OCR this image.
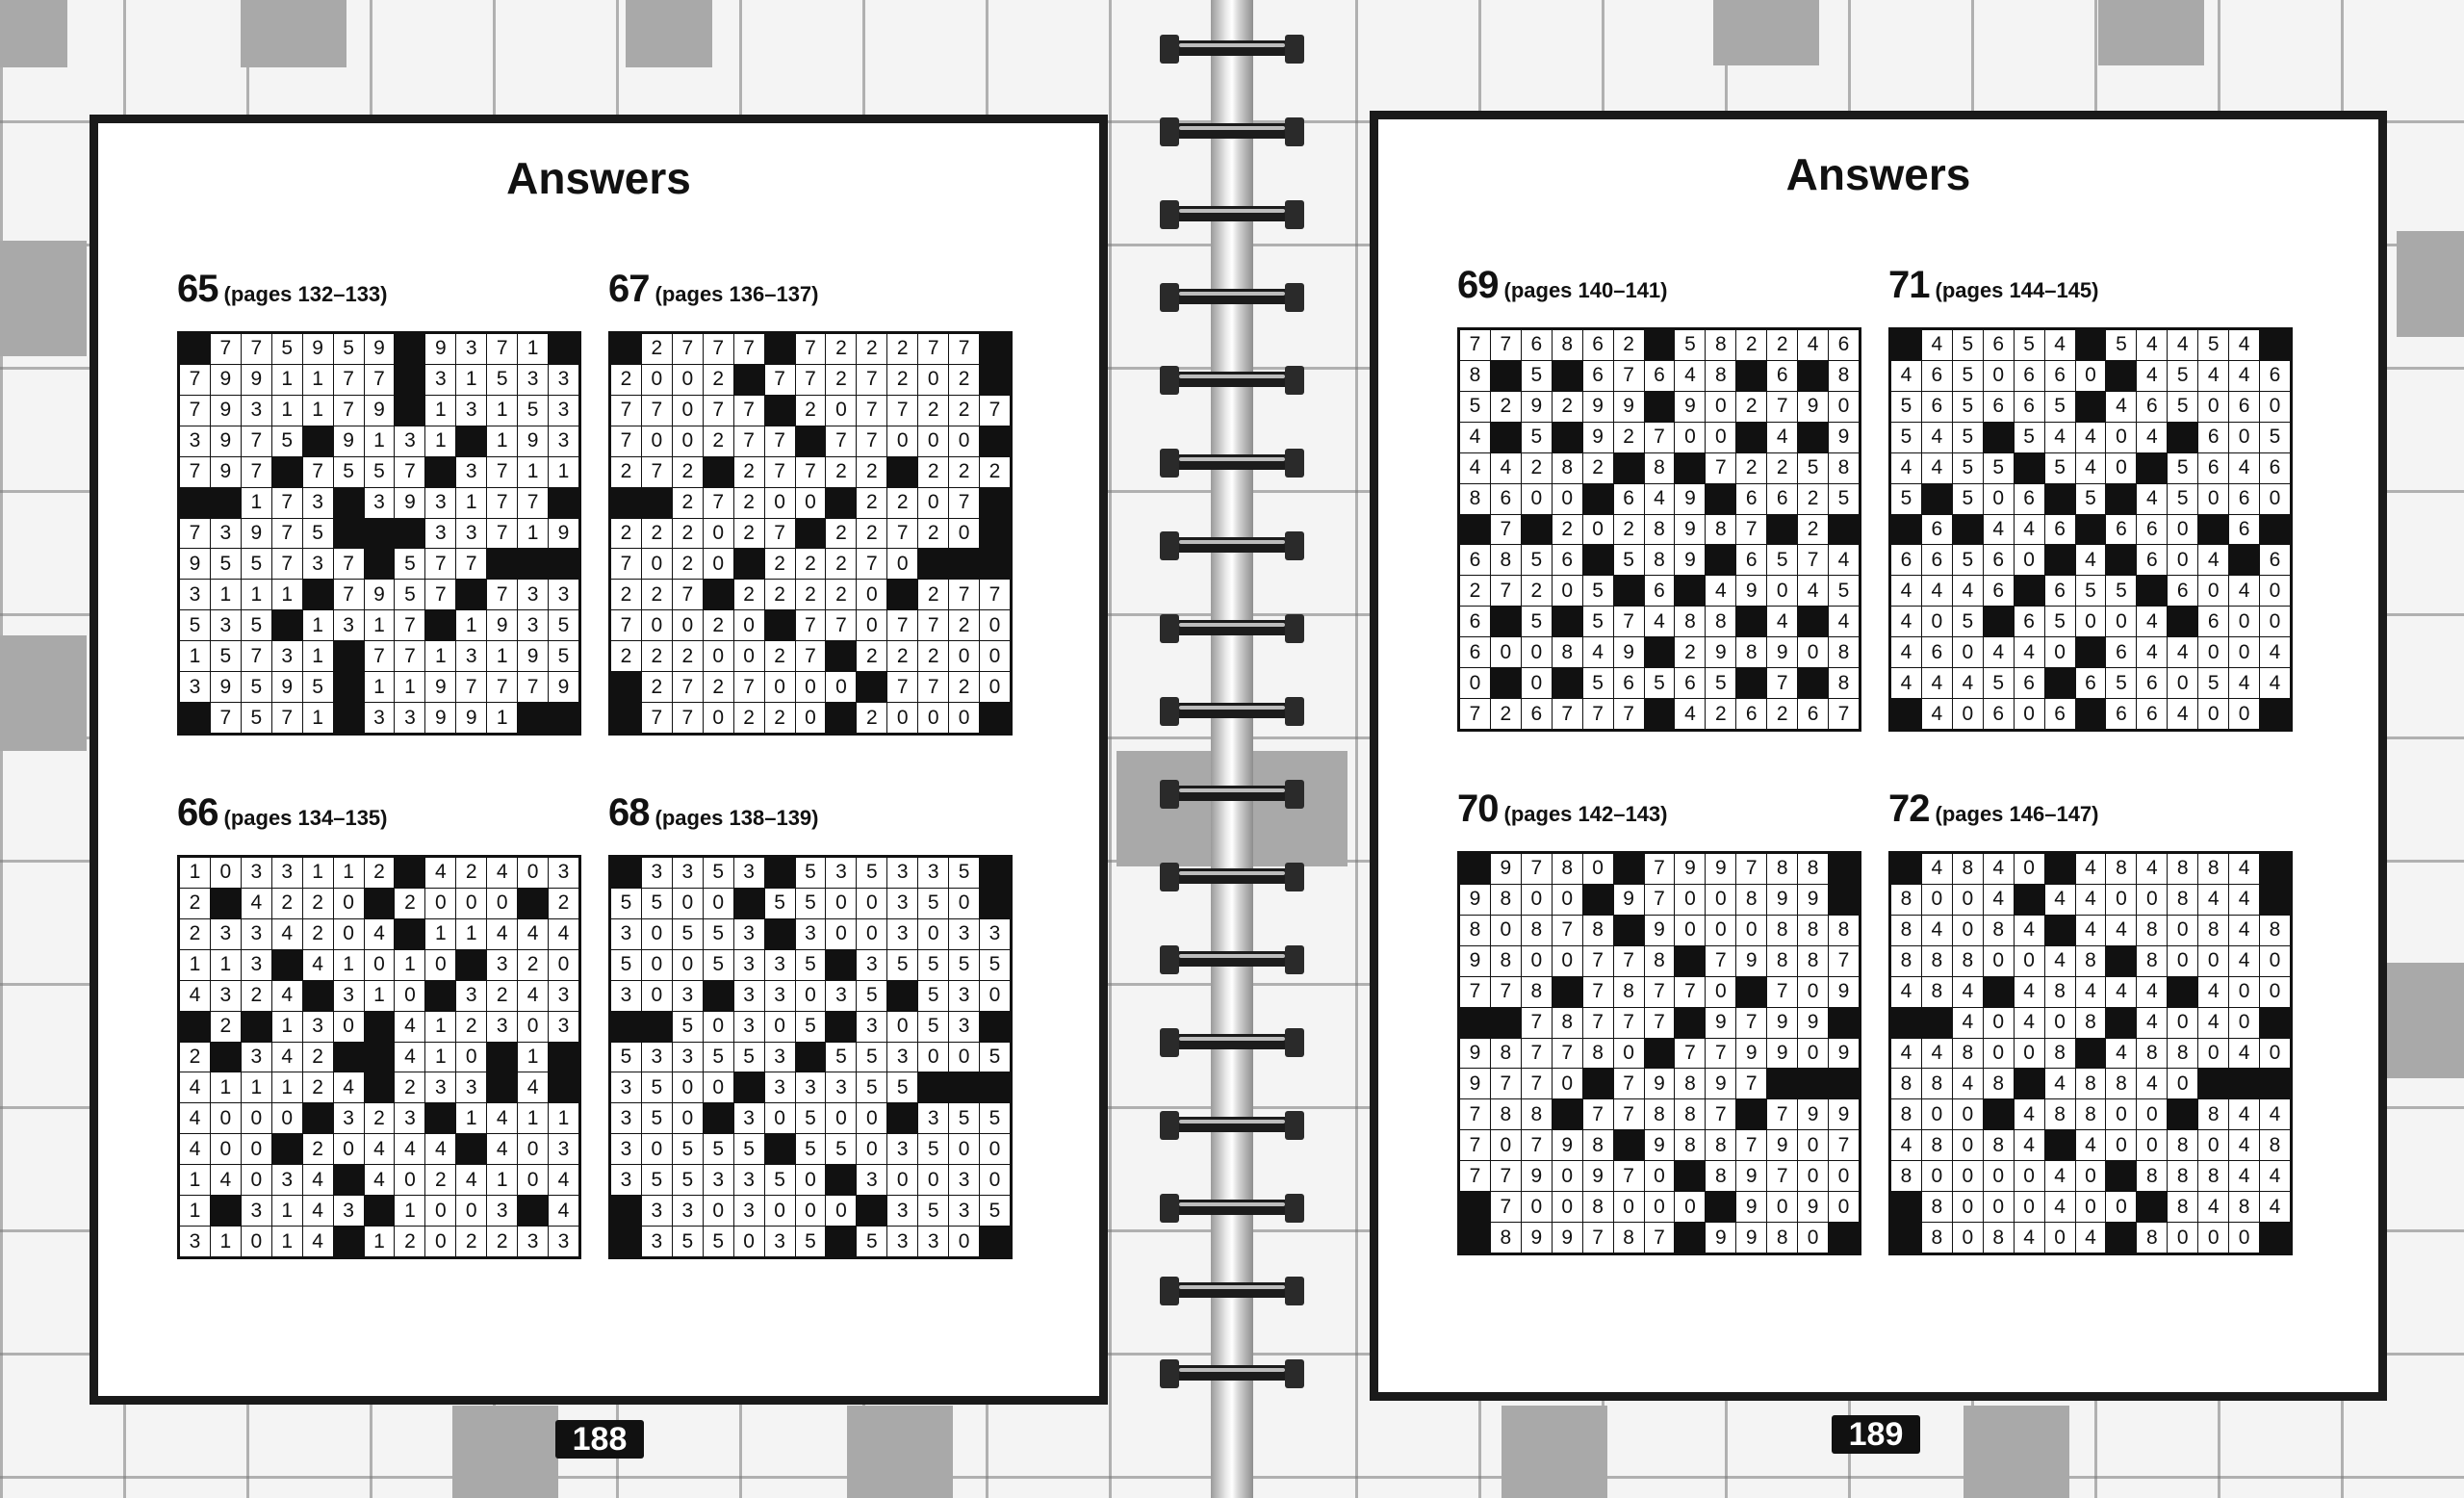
Answers
65 (pages 132–133)
7 7 5 9 5 9	9 3 7 1
7 9 9 1 1 7 7	3 1 5 3 3
7 9 3 1 1 7 9	1 3 1 5 3
3 9 7 5	9 1 3 1	1 9 3
7 9 7	7 5 5 7	3 7 1 1
1 7 3	3 9 3 1 7 7
7 3 9 7 5	3 3 7 1 9
9 5 5 7 3 7	5 7 7
3 1 1 1	7 9 5 7	7 3 3
5 3 5	1 3 1 7	1 9 3 5
1 5 7 3 1	7 7 1 3 1 9 5
3 9 5 9 5	1 1 9 7 7 7 9
7 5 7 1	3 3 9 9 1
67 (pages 136–137)
2 7 7 7	7 2 2 2 7 7
2 0 0 2	7 7 2 7 2 0 2
7 7 0 7 7	2 0 7 7 2 2 7
7 0 0 2 7 7	7 7 0 0 0
2 7 2	2 7 7 2 2	2 2 2
2 7 2 0 0	2 2 0 7
2 2 2 0 2 7	2 2 7 2 0
7 0 2 0	2 2 2 7 0
2 2 7	2 2 2 2 0	2 7 7
7 0 0 2 0	7 7 0 7 7 2 0
2 2 2 0 0 2 7	2 2 2 0 0
2 7 2 7 0 0 0	7 7 2 0
7 7 0 2 2 0	2 0 0 0
66 (pages 134–135)
1 0 3 3 1 1 2	4 2 4 0 3
2	4 2 2 0	2 0 0 0	2
2 3 3 4 2 0 4	1 1 4 4 4
1 1 3	4 1 0 1 0	3 2 0
4 3 2 4	3 1 0	3 2 4 3
2	1 3 0	4 1 2 3 0 3
2	3 4 2	4 1 0	1
4 1 1 1 2 4	2 3 3	4
4 0 0 0	3 2 3	1 4 1 1
4 0 0	2 0 4 4 4	4 0 3
1 4 0 3 4	4 0 2 4 1 0 4
1	3 1 4 3	1 0 0 3	4
3 1 0 1 4	1 2 0 2 2 3 3
68 (pages 138–139)
3 3 5 3	5 3 5 3 3 5
5 5 0 0	5 5 0 0 3 5 0
3 0 5 5 3	3 0 0 3 0 3 3
5 0 0 5 3 3 5	3 5 5 5 5
3 0 3	3 3 0 3 5	5 3 0
5 0 3 0 5	3 0 5 3
5 3 3 5 5 3	5 5 3 0 0 5
3 5 0 0	3 3 3 5 5
3 5 0	3 0 5 0 0	3 5 5
3 0 5 5 5	5 5 0 3 5 0 0
3 5 5 3 3 5 0	3 0 0 3 0
3 3 0 3 0 0 0	3 5 3 5
3 5 5 0 3 5	5 3 3 0
188
Answers
69 (pages 140–141)
7 7 6 8 6 2	5 8 2 2 4 6
8	5	6 7 6 4 8	6	8
5 2 9 2 9 9	9 0 2 7 9 0
4	5	9 2 7 0 0	4	9
4 4 2 8 2	8	7 2 2 5 8
8 6 0 0	6 4 9	6 6 2 5
7	2 0 2 8 9 8 7	2
6 8 5 6	5 8 9	6 5 7 4
2 7 2 0 5	6	4 9 0 4 5
6	5	5 7 4 8 8	4	4
6 0 0 8 4 9	2 9 8 9 0 8
0	0	5 6 5 6 5	7	8
7 2 6 7 7 7	4 2 6 2 6 7
71 (pages 144–145)
4 5 6 5 4	5 4 4 5 4
4 6 5 0 6 6 0	4 5 4 4 6
5 6 5 6 6 5	4 6 5 0 6 0
5 4 5	5 4 4 0 4	6 0 5
4 4 5 5	5 4 0	5 6 4 6
5	5 0 6	5	4 5 0 6 0
6	4 4 6	6 6 0	6
6 6 5 6 0	4	6 0 4	6
4 4 4 6	6 5 5	6 0 4 0
4 0 5	6 5 0 0 4	6 0 0
4 6 0 4 4 0	6 4 4 0 0 4
4 4 4 5 6	6 5 6 0 5 4 4
4 0 6 0 6	6 6 4 0 0
70 (pages 142–143)
9 7 8 0	7 9 9 7 8 8
9 8 0 0	9 7 0 0 8 9 9
8 0 8 7 8	9 0 0 0 8 8 8
9 8 0 0 7 7 8	7 9 8 8 7
7 7 8	7 8 7 7 0	7 0 9
7 8 7 7 7	9 7 9 9
9 8 7 7 8 0	7 7 9 9 0 9
9 7 7 0	7 9 8 9 7
7 8 8	7 7 8 8 7	7 9 9
7 0 7 9 8	9 8 8 7 9 0 7
7 7 9 0 9 7 0	8 9 7 0 0
7 0 0 8 0 0 0	9 0 9 0
8 9 9 7 8 7	9 9 8 0
72 (pages 146–147)
4 8 4 0	4 8 4 8 8 4
8 0 0 4	4 4 0 0 8 4 4
8 4 0 8 4	4 4 8 0 8 4 8
8 8 8 0 0 4 8	8 0 0 4 0
4 8 4	4 8 4 4 4	4 0 0
4 0 4 0 8	4 0 4 0
4 4 8 0 0 8	4 8 8 0 4 0
8 8 4 8	4 8 8 4 0
8 0 0	4 8 8 0 0	8 4 4
4 8 0 8 4	4 0 0 8 0 4 8
8 0 0 0 0 4 0	8 8 8 4 4
8 0 0 0 4 0 0	8 4 8 4
8 0 8 4 0 4	8 0 0 0
189
